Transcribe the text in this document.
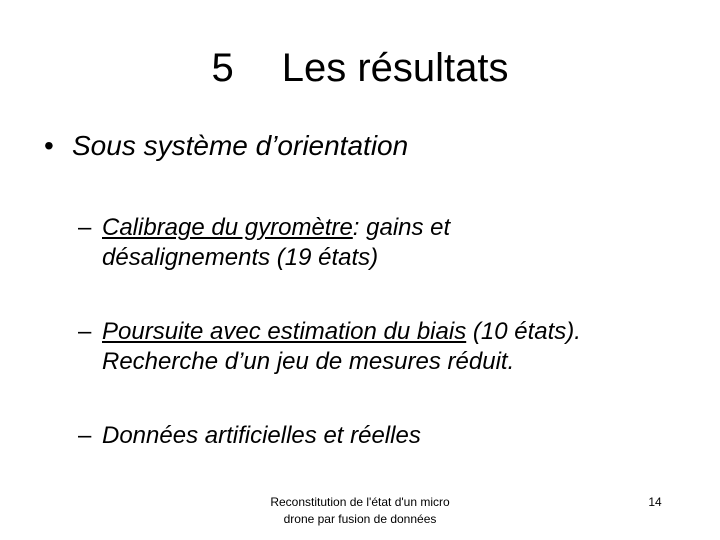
5 Les résultats
• Sous système d’orientation
– Calibrage du gyromètre: gains et
désalignements (19 états)
– Poursuite avec estimation du biais (10 états).
Recherche d’un jeu de mesures réduit.
– Données artificielles et réelles
Reconstitution de l'état d'un micro
drone par fusion de données
14
